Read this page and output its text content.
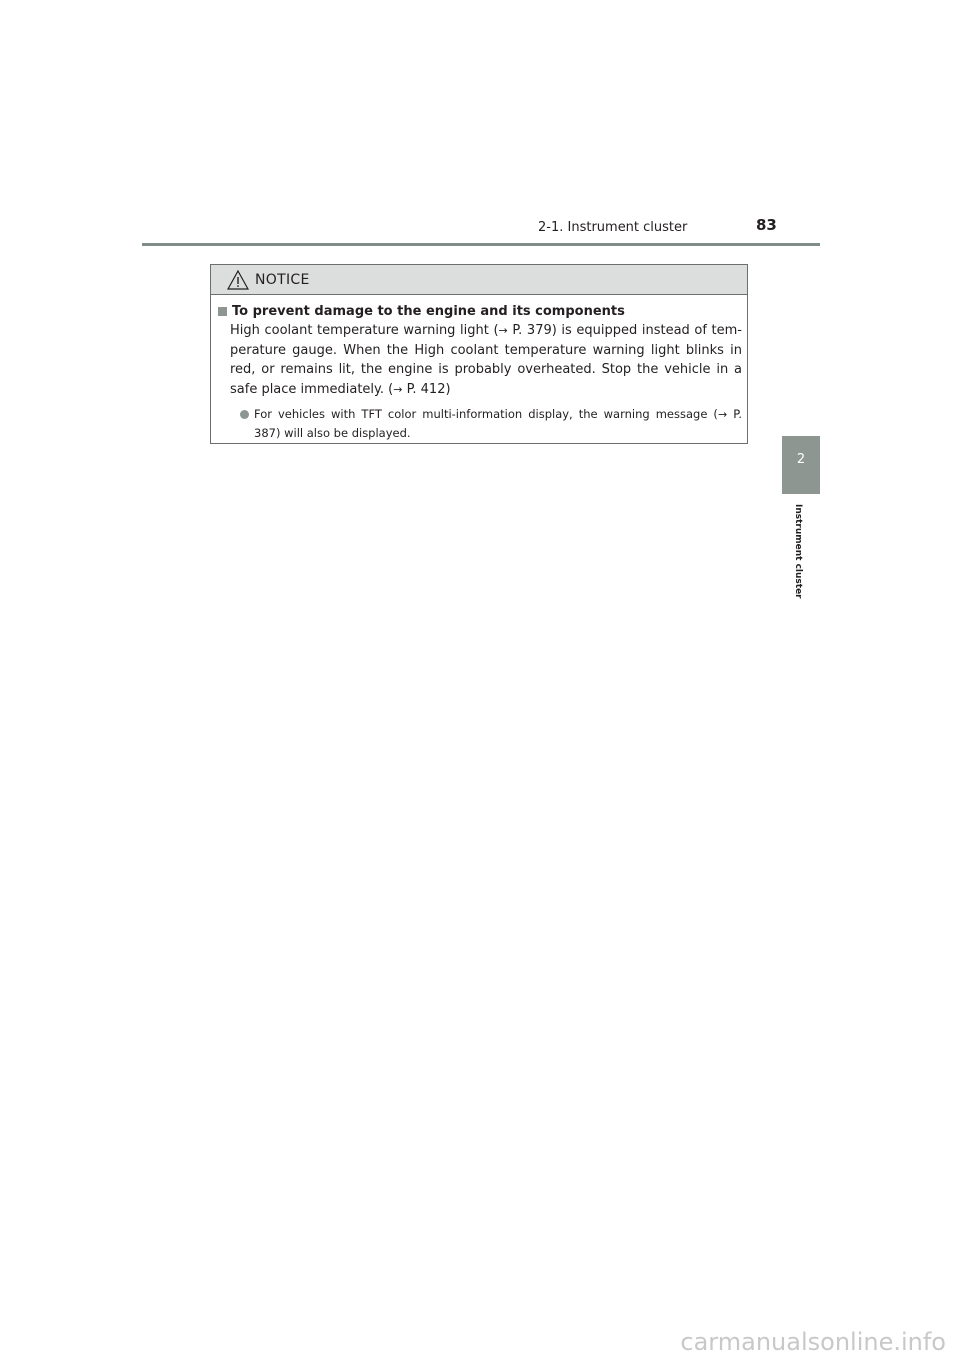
2-1. Instrument cluster	83
2
Instrument cluster
NOTICE
To prevent damage to the engine and its components
High coolant temperature warning light (→ P. 379) is equipped instead of tem-perature gauge. When the High coolant temperature warning light blinks in red, or remains lit, the engine is probably overheated. Stop the vehicle in a safe place immediately. (→ P. 412)
For vehicles with TFT color multi-information display, the warning message (→ P. 387) will also be displayed.
carmanualsonline.info
